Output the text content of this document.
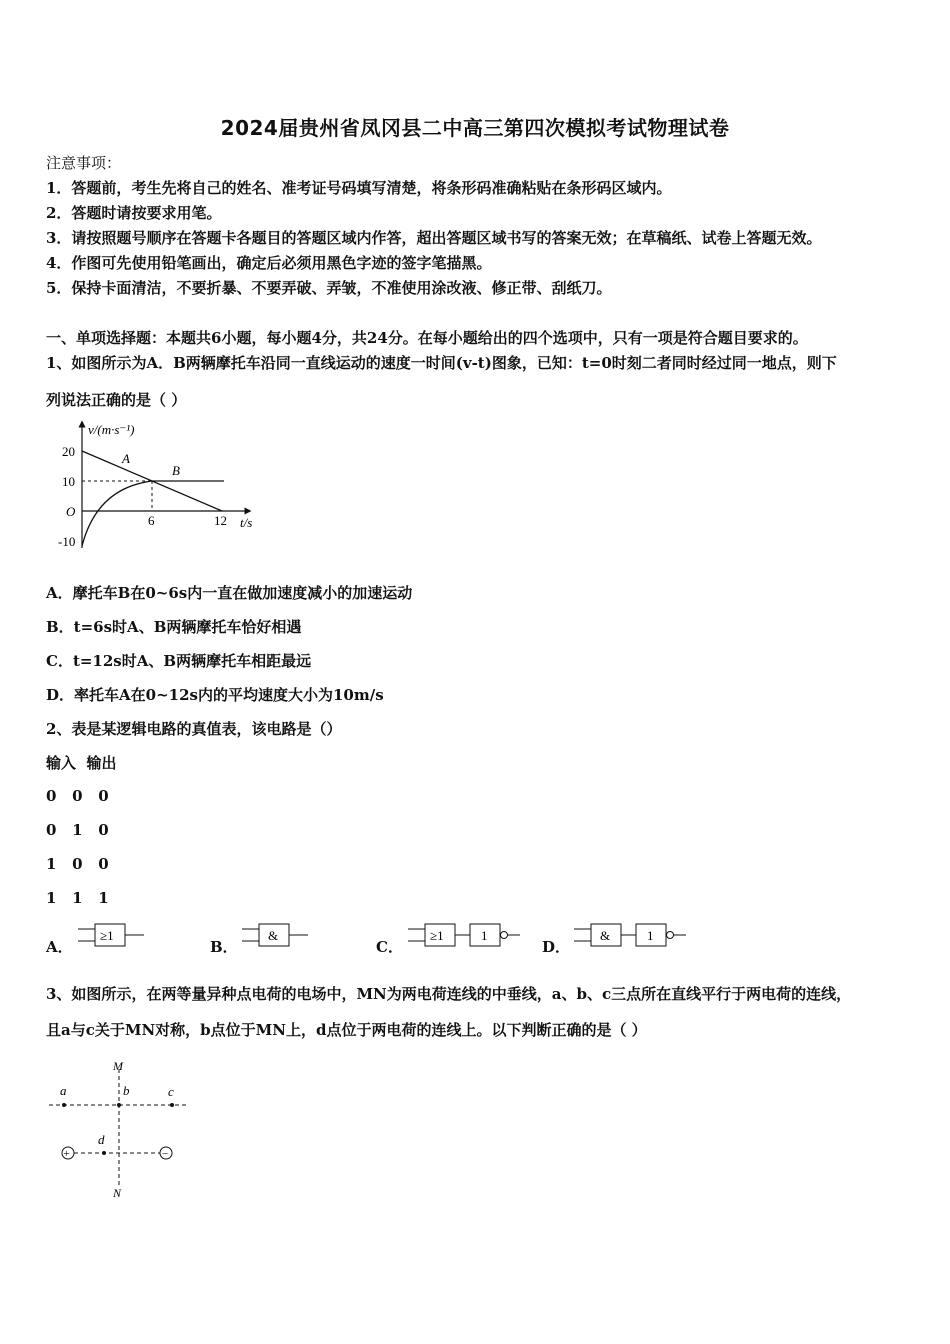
2024届贵州省凤冈县二中高三第四次模拟考试物理试卷
注意事项：
1．答题前，考生先将自己的姓名、准考证号码填写清楚，将条形码准确粘贴在条形码区域内。
2．答题时请按要求用笔。
3．请按照题号顺序在答题卡各题目的答题区域内作答，超出答题区域书写的答案无效；在草稿纸、试卷上答题无效。
4．作图可先使用铅笔画出，确定后必须用黑色字迹的签字笔描黑。
5．保持卡面清洁，不要折暴、不要弄破、弄皱，不准使用涂改液、修正带、刮纸刀。
一、单项选择题：本题共6小题，每小题4分，共24分。在每小题给出的四个选项中，只有一项是符合题目要求的。
1、如图所示为A．B两辆摩托车沿同一直线运动的速度一时间(v-t)图象，已知：t=0时刻二者同时经过同一地点，则下
列说法正确的是（ ）
v/(m·s⁻¹)
t/s
20
10
O
-10
6	12
A
B
A．摩托车B在0~6s内一直在做加速度减小的加速运动
B．t=6s时A、B两辆摩托车恰好相遇
C．t=12s时A、B两辆摩托车相距最远
D．率托车A在0~12s内的平均速度大小为10m/s
2、表是某逻辑电路的真值表，该电路是（）
输入  输出
0   0   0
0   1   0
1   0   0
1   1   1
A．
≥1
B．
&
C．
≥1	1
D．
&	1
3、如图所示，在两等量异种点电荷的电场中，MN为两电荷连线的中垂线，a、b、c三点所在直线平行于两电荷的连线，
且a与c关于MN对称，b点位于MN上，d点位于两电荷的连线上。以下判断正确的是（ ）
M
N
a	b	c
d
+	−
